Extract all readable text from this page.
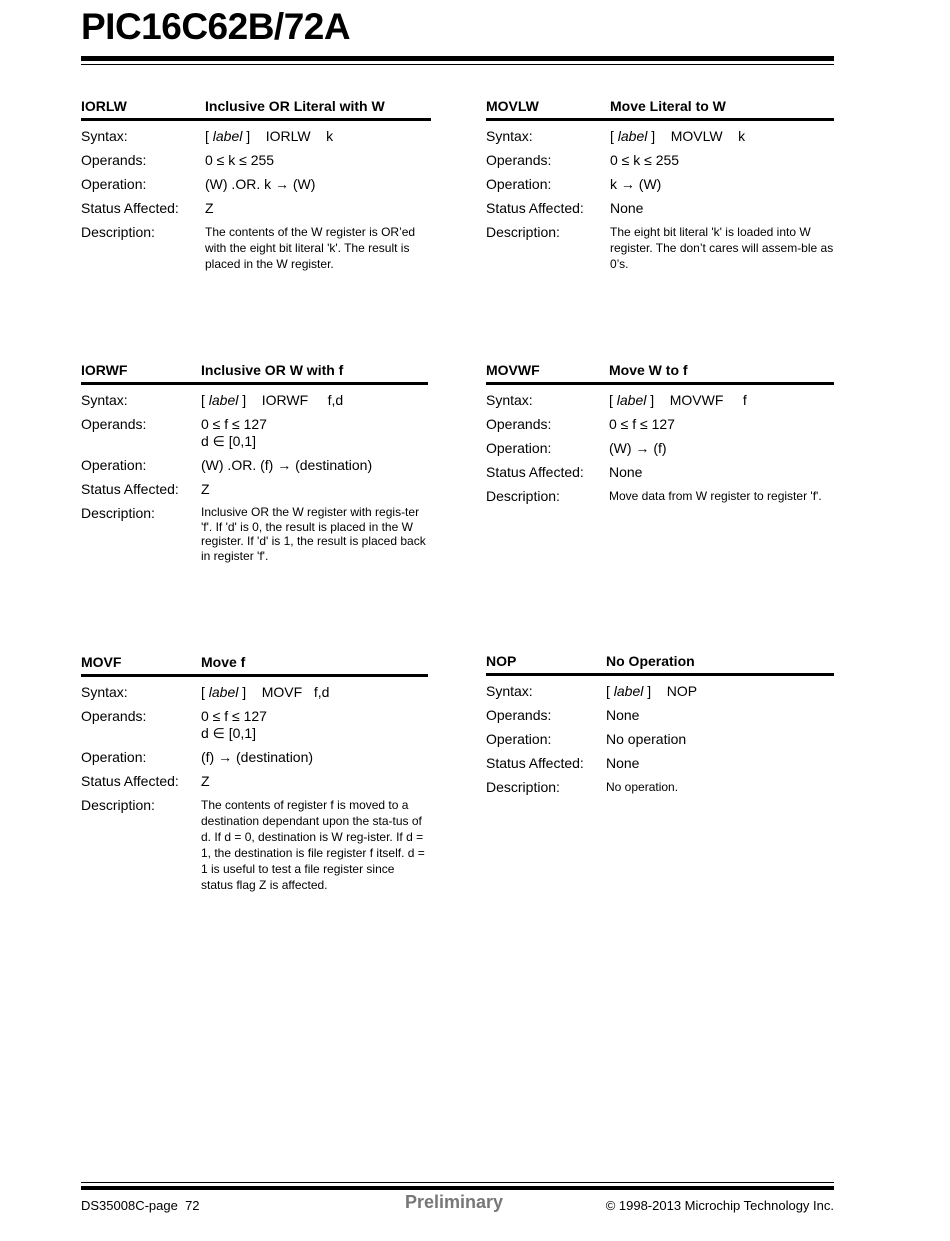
PIC16C62B/72A
IORLW	Inclusive OR Literal with W
Syntax:	[ label ]    IORLW k
Operands:	0 ≤ k ≤ 255
Operation:	(W) .OR. k → (W)
Status Affected:	Z
Description:	The contents of the W register is OR’ed with the eight bit literal 'k'. The result is placed in the W register.
MOVLW	Move Literal to W
Syntax:	[ label ]    MOVLW k
Operands:	0 ≤ k ≤ 255
Operation:	k → (W)
Status Affected:	None
Description:	The eight bit literal 'k' is loaded into W register. The don’t cares will assem-ble as 0’s.
IORWF	Inclusive OR W with f
Syntax:	[ label ]    IORWF f,d
Operands:	0 ≤ f ≤ 127
d ∈ [0,1]
Operation:	(W) .OR. (f) → (destination)
Status Affected:	Z
Description:	Inclusive OR the W register with regis-ter 'f'. If 'd' is 0, the result is placed in the W register. If 'd' is 1, the result is placed back in register 'f'.
MOVWF	Move W to f
Syntax:	[ label ]    MOVWF f
Operands:	0 ≤ f ≤ 127
Operation:	(W) → (f)
Status Affected:	None
Description:	Move data from W register to register 'f'.
MOVF	Move f
Syntax:	[ label ]    MOVF f,d
Operands:	0 ≤ f ≤ 127
d ∈ [0,1]
Operation:	(f) → (destination)
Status Affected:	Z
Description:	The contents of register f is moved to a destination dependant upon the sta-tus of d. If d = 0, destination is W reg-ister. If d = 1, the destination is file register f itself. d = 1 is useful to test a file register since status flag Z is affected.
NOP	No Operation
Syntax:	[ label ]    NOP
Operands:	None
Operation:	No operation
Status Affected:	None
Description:	No operation.
DS35008C-page  72	Preliminary	© 1998-2013 Microchip Technology Inc.
